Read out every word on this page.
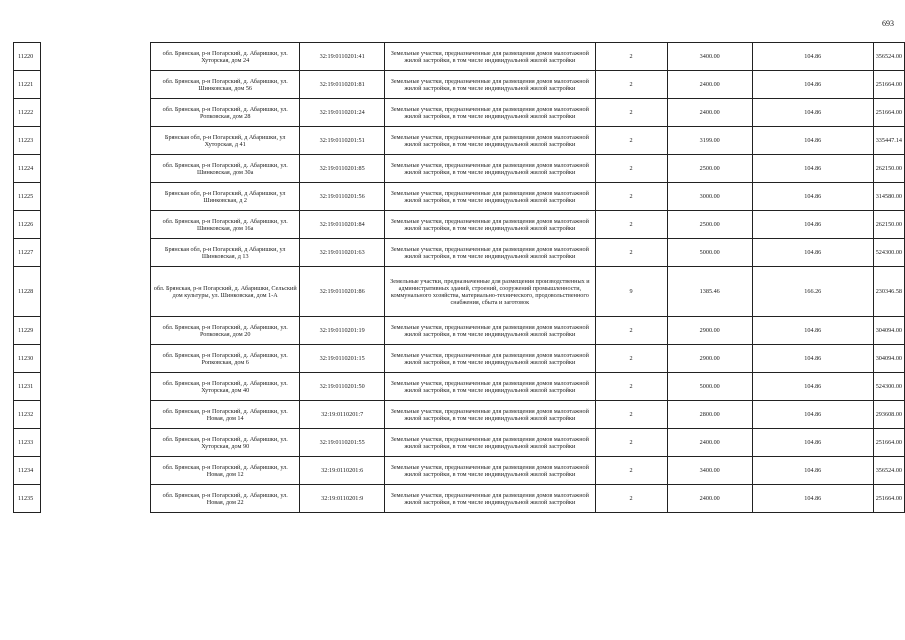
693
11220		обл. Брянская, р-н Погарский, д. Абаришки, ул. Хуторская, дом 24	32:19:0110201:41	Земельные участки, предназначенные для размещения домов малоэтажной жилой застройки, в том числе индивидуальной жилой застройки	2	3400.00	104.86	356524.00
11221		обл. Брянская, р-н Погарский, д. Абаришки, ул. Шинковская, дом 56	32:19:0110201:81	Земельные участки, предназначенные для размещения домов малоэтажной жилой застройки, в том числе индивидуальной жилой застройки	2	2400.00	104.86	251664.00
11222		обл. Брянская, р-н Погарский, д. Абаришки, ул. Ропковская, дом 28	32:19:0110201:24	Земельные участки, предназначенные для размещения домов малоэтажной жилой застройки, в том числе индивидуальной жилой застройки	2	2400.00	104.86	251664.00
11223		Брянская обл, р-н Погарский, д Абаришки, ул Хуторская, д 41	32:19:0110201:51	Земельные участки, предназначенные для размещения домов малоэтажной жилой застройки, в том числе индивидуальной жилой застройки	2	3199.00	104.86	335447.14
11224		обл. Брянская, р-н Погарский, д. Абаришки, ул. Шинковская, дом 30а	32:19:0110201:85	Земельные участки, предназначенные для размещения домов малоэтажной жилой застройки, в том числе индивидуальной жилой застройки	2	2500.00	104.86	262150.00
11225		Брянская обл, р-н Погарский, д Абаришки, ул Шинковская, д 2	32:19:0110201:56	Земельные участки, предназначенные для размещения домов малоэтажной жилой застройки, в том числе индивидуальной жилой застройки	2	3000.00	104.86	314580.00
11226		обл. Брянская, р-н Погарский, д. Абаришки, ул. Шинковская, дом 16а	32:19:0110201:84	Земельные участки, предназначенные для размещения домов малоэтажной жилой застройки, в том числе индивидуальной жилой застройки	2	2500.00	104.86	262150.00
11227		Брянская обл, р-н Погарский, д Абаришки, ул Шинковская, д 13	32:19:0110201:63	Земельные участки, предназначенные для размещения домов малоэтажной жилой застройки, в том числе индивидуальной жилой застройки	2	5000.00	104.86	524300.00
11228		обл. Брянская, р-н Погарский, д. Абаришки, Сельский дом культуры, ул. Шинковская, дом 1-А	32:19:0110201:86	Земельные участки, предназначенные для размещения производственных и административных зданий, строений, сооружений промышленности, коммунального хозяйства, материально-технического, продовольственного снабжения, сбыта и заготовок	9	1385.46	166.26	230346.58
11229		обл. Брянская, р-н Погарский, д. Абаришки, ул. Ропковская, дом 20	32:19:0110201:19	Земельные участки, предназначенные для размещения домов малоэтажной жилой застройки, в том числе индивидуальной жилой застройки	2	2900.00	104.86	304094.00
11230		обл. Брянская, р-н Погарский, д. Абаришки, ул. Ропковская, дом 6	32:19:0110201:15	Земельные участки, предназначенные для размещения домов малоэтажной жилой застройки, в том числе индивидуальной жилой застройки	2	2900.00	104.86	304094.00
11231		обл. Брянская, р-н Погарский, д. Абаришки, ул. Хуторская, дом 40	32:19:0110201:50	Земельные участки, предназначенные для размещения домов малоэтажной жилой застройки, в том числе индивидуальной жилой застройки	2	5000.00	104.86	524300.00
11232		обл. Брянская, р-н Погарский, д. Абаришки, ул. Новая, дом 14	32:19:0110201:7	Земельные участки, предназначенные для размещения домов малоэтажной жилой застройки, в том числе индивидуальной жилой застройки	2	2800.00	104.86	293608.00
11233		обл. Брянская, р-н Погарский, д. Абаришки, ул. Хуторская, дом 90	32:19:0110201:55	Земельные участки, предназначенные для размещения домов малоэтажной жилой застройки, в том числе индивидуальной жилой застройки	2	2400.00	104.86	251664.00
11234		обл. Брянская, р-н Погарский, д. Абаришки, ул. Новая, дом 12	32:19:0110201:6	Земельные участки, предназначенные для размещения домов малоэтажной жилой застройки, в том числе индивидуальной жилой застройки	2	3400.00	104.86	356524.00
11235		обл. Брянская, р-н Погарский, д. Абаришки, ул. Новая, дом 22	32:19:0110201:9	Земельные участки, предназначенные для размещения домов малоэтажной жилой застройки, в том числе индивидуальной жилой застройки	2	2400.00	104.86	251664.00
